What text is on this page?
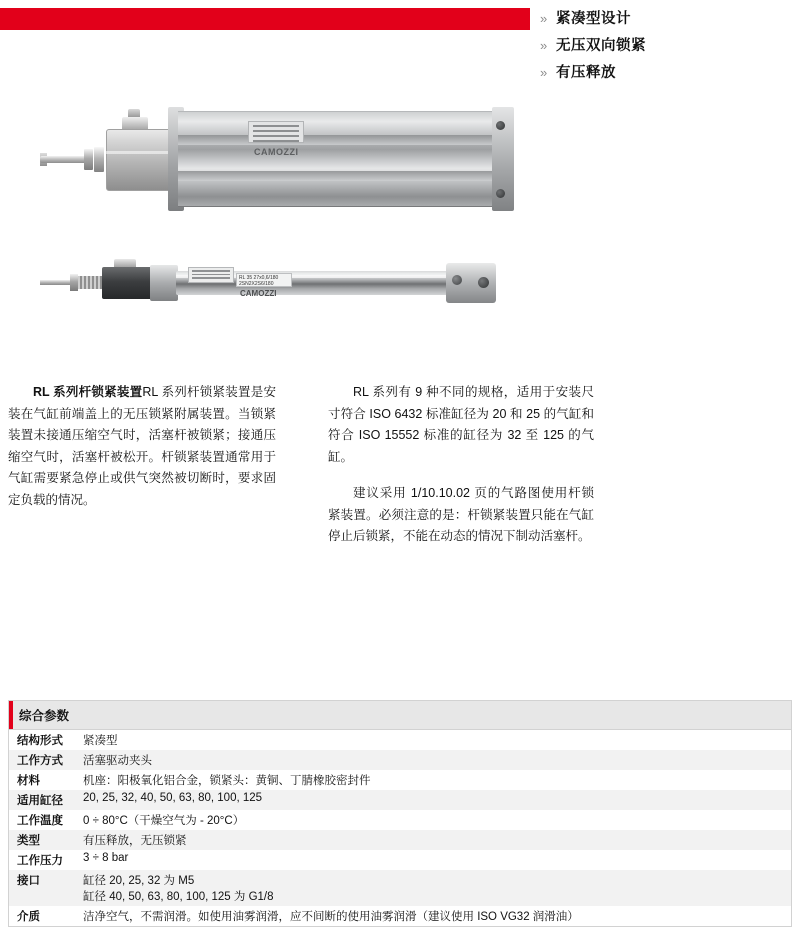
» 紧凑型设计
» 无压双向锁紧
» 有压释放
CAMOZZI
RL 35 27x0,6/180 2SN2X2S6/180
CAMOZZI

RL 系列杆锁紧装置RL 系列杆锁紧装置是安装在气缸前端盖上的无压锁紧附属装置。当锁紧装置未接通压缩空气时，活塞杆被锁紧；接通压缩空气时，活塞杆被松开。杆锁紧装置通常用于气缸需要紧急停止或供气突然被切断时，要求固定负载的情况。

RL 系列有 9 种不同的规格，适用于安装尺寸符合 ISO 6432 标准缸径为 20 和 25 的气缸和符合 ISO 15552 标准的缸径为 32 至 125 的气缸。

建议采用 1/10.10.02 页的气路图使用杆锁紧装置。必须注意的是：杆锁紧装置只能在气缸停止后锁紧，不能在动态的情况下制动活塞杆。

综合参数
结构形式	紧凑型
工作方式	活塞驱动夹头
材料	机座：阳极氧化铝合金，锁紧头：黄铜、丁腈橡胶密封件
适用缸径	20, 25, 32, 40, 50, 63, 80, 100, 125
工作温度	0 ÷ 80°C（干燥空气为 - 20°C）
类型	有压释放，无压锁紧
工作压力	3 ÷ 8 bar
接口	缸径 20, 25, 32 为 M5
缸径 40, 50, 63, 80, 100, 125 为 G1/8
介质	洁净空气，不需润滑。如使用油雾润滑，应不间断的使用油雾润滑（建议使用 ISO VG32 润滑油）
